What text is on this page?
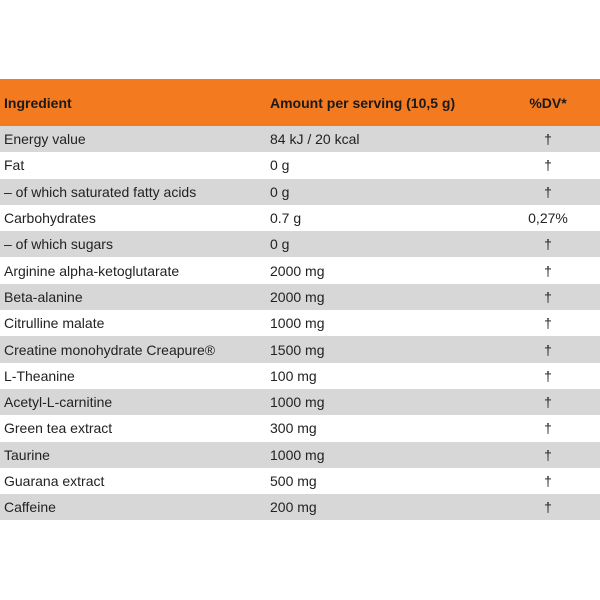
Ingredient	Amount per serving (10,5 g)	%DV*
Energy value	84 kJ / 20 kcal	†
Fat	0 g	†
– of which saturated fatty acids	0 g	†
Carbohydrates	0.7 g	0,27%
– of which sugars	0 g	†
Arginine alpha-ketoglutarate	2000 mg	†
Beta-alanine	2000 mg	†
Citrulline malate	1000 mg	†
Creatine monohydrate Creapure®	1500 mg	†
L-Theanine	100 mg	†
Acetyl-L-carnitine	1000 mg	†
Green tea extract	300 mg	†
Taurine	1000 mg	†
Guarana extract	500 mg	†
Caffeine	200 mg	†
